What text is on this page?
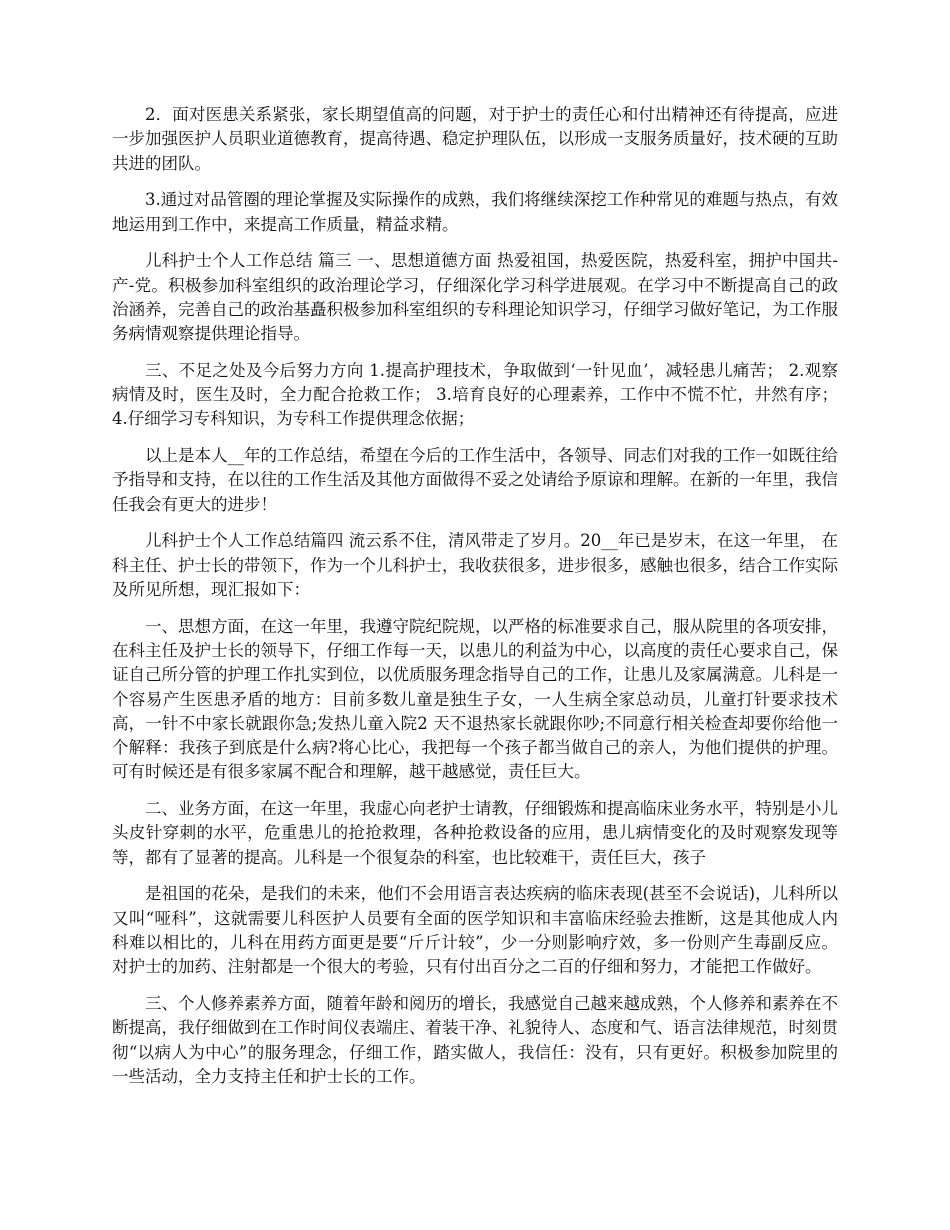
2．面对医患关系紧张，家长期望值高的问题，对于护士的责任心和付出精神还有待提高，应进一步加强医护人员职业道德教育，提高待遇、稳定护理队伍，以形成一支服务质量好，技术硬的互助共进的团队。

3.通过对品管圈的理论掌握及实际操作的成熟，我们将继续深挖工作种常见的难题与热点，有效地运用到工作中，来提高工作质量，精益求精。

儿科护士个人工作总结 篇三 一、思想道德方面 热爱祖国，热爱医院，热爱科室，拥护中国共-产-党。积极参加科室组织的政治理论学习，仔细深化学习科学进展观。在学习中不断提高自己的政治涵养，完善自己的政治基矗积极参加科室组织的专科理论知识学习，仔细学习做好笔记，为工作服务病情观察提供理论指导。

三、不足之处及今后努力方向 1.提高护理技术，争取做到‘一针见血’，减轻患儿痛苦； 2.观察病情及时，医生及时，全力配合抢救工作； 3.培育良好的心理素养，工作中不慌不忙，井然有序； 4.仔细学习专科知识，为专科工作提供理念依据；

以上是本人__年的工作总结，希望在今后的工作生活中，各领导、同志们对我的工作一如既往给予指导和支持，在以往的工作生活及其他方面做得不妥之处请给予原谅和理解。在新的一年里，我信任我会有更大的进步！

儿科护士个人工作总结篇四 流云系不住，清风带走了岁月。20__年已是岁末，在这一年里， 在科主任、护士长的带领下，作为一个儿科护士，我收获很多，进步很多，感触也很多，结合工作实际及所见所想，现汇报如下：

一、思想方面，在这一年里，我遵守院纪院规，以严格的标准要求自己，服从院里的各项安排，在科主任及护士长的领导下，仔细工作每一天，以患儿的利益为中心，以高度的责任心要求自己，保证自己所分管的护理工作扎实到位，以优质服务理念指导自己的工作，让患儿及家属满意。儿科是一个容易产生医患矛盾的地方：目前多数儿童是独生子女，一人生病全家总动员，儿童打针要求技术高，一针不中家长就跟你急;发热儿童入院2 天不退热家长就跟你吵;不同意行相关检查却要你给他一个解释：我孩子到底是什么病?将心比心，我把每一个孩子都当做自己的亲人，为他们提供的护理。可有时候还是有很多家属不配合和理解，越干越感觉，责任巨大。

二、业务方面，在这一年里，我虚心向老护士请教，仔细锻炼和提高临床业务水平，特别是小儿头皮针穿刺的水平，危重患儿的抢抢救理，各种抢救设备的应用，患儿病情变化的及时观察发现等等，都有了显著的提高。儿科是一个很复杂的科室，也比较难干，责任巨大，孩子

是祖国的花朵，是我们的未来，他们不会用语言表达疾病的临床表现(甚至不会说话)，儿科所以又叫“哑科”，这就需要儿科医护人员要有全面的医学知识和丰富临床经验去推断，这是其他成人内科难以相比的，儿科在用药方面更是要“斤斤计较”，少一分则影响疗效，多一份则产生毒副反应。对护士的加药、注射都是一个很大的考验，只有付出百分之二百的仔细和努力，才能把工作做好。

三、个人修养素养方面，随着年龄和阅历的增长，我感觉自己越来越成熟，个人修养和素养在不断提高，我仔细做到在工作时间仪表端庄、着装干净、礼貌待人、态度和气、语言法律规范，时刻贯彻“以病人为中心”的服务理念，仔细工作，踏实做人，我信任：没有，只有更好。积极参加院里的一些活动，全力支持主任和护士长的工作。
